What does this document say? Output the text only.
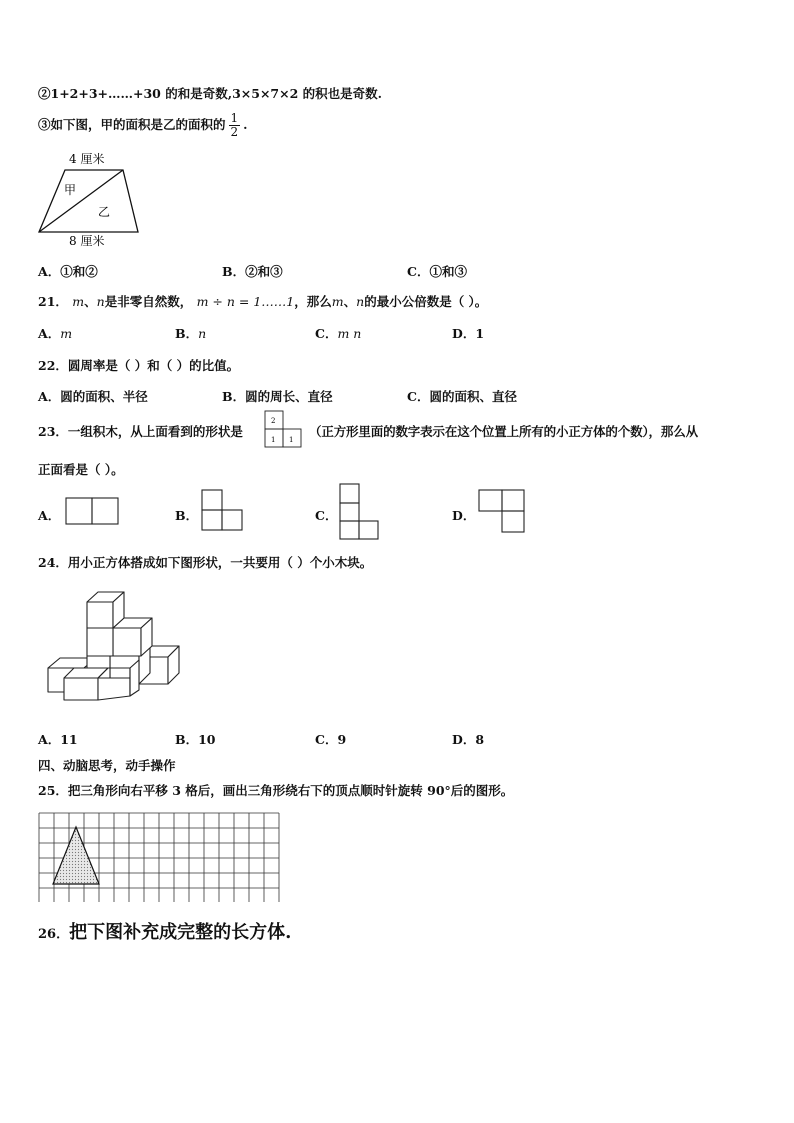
②1+2+3+……+30 的和是奇数,3×5×7×2 的积也是奇数.
③如下图，甲的面积是乙的面积的 $\frac{1}{2}$ .
4 厘米
8 厘米
甲
乙
A．①和②	B．②和③	C．①和③
21． m、n是非零自然数， m ÷ n = 1……1，那么m、n的最小公倍数是（ ）。
A．m	B．n	C．m n	D．1
22．圆周率是（ ）和（ ）的比值。
A．圆的面积、半径	B．圆的周长、直径	C．圆的面积、直径
23．一组积木，从上面看到的形状是
2
1 1
（正方形里面的数字表示在这个位置上所有的小正方体的个数），那么从
正面看是（ ）。
A．	B．	C．	D．
24．用小正方体搭成如下图形状，一共要用（ ）个小木块。
A．11	B．10	C．9	D．8
四、动脑思考，动手操作
25．把三角形向右平移 3 格后，画出三角形绕右下的顶点顺时针旋转 90°后的图形。
26．把下图补充成完整的长方体.
